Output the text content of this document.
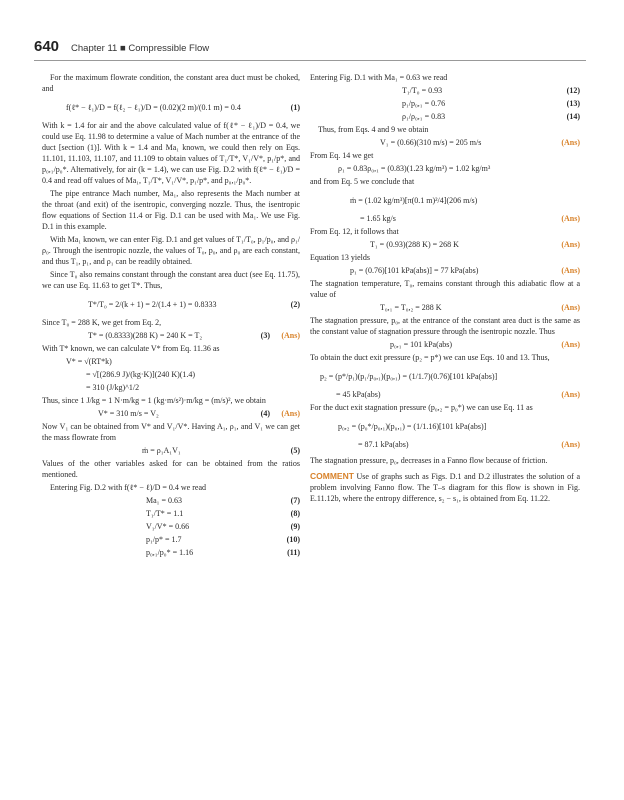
640 Chapter 11 ■ Compressible Flow

For the maximum flowrate condition, the constant area duct must be choked, and

f(ℓ* − ℓ₁)/D = f(ℓ₂ − ℓ₁)/D = (0.02)(2 m)/(0.1 m) = 0.4	(1)

With k = 1.4 for air and the above calculated value of f(ℓ* − ℓ₁)/D = 0.4, we could use Eq. 11.98 to determine a value of Mach number at the entrance of the duct [section (1)]. With k = 1.4 and Ma₁ known, we could then rely on Eqs. 11.101, 11.103, 11.107, and 11.109 to obtain values of T₁/T*, V₁/V*, p₁/p*, and p₀,₁/p₀*. Alternatively, for air (k = 1.4), we can use Fig. D.2 with f(ℓ* − ℓ₁)/D = 0.4 and read off values of Ma₁, T₁/T*, V₁/V*, p₁/p*, and p₀,₁/p₀*.

The pipe entrance Mach number, Ma₁, also represents the Mach number at the throat (and exit) of the isentropic, converging nozzle. Thus, the isentropic flow equations of Section 11.4 or Fig. D.1 can be used with Ma₁. We use Fig. D.1 in this example.

With Ma₁ known, we can enter Fig. D.1 and get values of T₁/T₀, p₁/p₀, and ρ₁/ρ₀. Through the isentropic nozzle, the values of T₀, p₀, and ρ₀ are each constant, and thus T₁, p₁, and ρ₁ can be readily obtained.

Since T₀ also remains constant through the constant area duct (see Eq. 11.75), we can use Eq. 11.63 to get T*. Thus,

T*/T₀ = 2/(k + 1) = 2/(1.4 + 1) = 0.8333	(2)

Since T₀ = 288 K, we get from Eq. 2,

T* = (0.8333)(288 K) = 240 K = T₂	(3) (Ans)

With T* known, we can calculate V* from Eq. 11.36 as

V* = √(RT*k)
= √[(286.9 J)/(kg·K)](240 K)(1.4)
= 310 (J/kg)^1/2

Thus, since 1 J/kg = 1 N·m/kg = 1 (kg·m/s²)·m/kg = (m/s)², we obtain

V* = 310 m/s = V₂	(4) (Ans)

Now V₁ can be obtained from V* and V₁/V*. Having A₁, ρ₁, and V₁ we can get the mass flowrate from

ṁ = ρ₁A₁V₁	(5)

Values of the other variables asked for can be obtained from the ratios mentioned.

Entering Fig. D.2 with f(ℓ* − ℓ)/D = 0.4 we read

Ma₁ = 0.63	(7)
T₁/T* = 1.1	(8)
V₁/V* = 0.66	(9)
p₁/p* = 1.7	(10)
p₀,₁/p₀* = 1.16	(11)

Entering Fig. D.1 with Ma₁ = 0.63 we read

T₁/T₀ = 0.93	(12)
p₁/p₀,₁ = 0.76	(13)
ρ₁/ρ₀,₁ = 0.83	(14)

Thus, from Eqs. 4 and 9 we obtain

V₁ = (0.66)(310 m/s) = 205 m/s	(Ans)

From Eq. 14 we get

ρ₁ = 0.83ρ₀,₁ = (0.83)(1.23 kg/m³) = 1.02 kg/m³

and from Eq. 5 we conclude that

ṁ = (1.02 kg/m³)[π(0.1 m)²/4](206 m/s)
= 1.65 kg/s	(Ans)

From Eq. 12, it follows that

T₁ = (0.93)(288 K) = 268 K	(Ans)

Equation 13 yields

p₁ = (0.76)[101 kPa(abs)] = 77 kPa(abs)	(Ans)

The stagnation temperature, T₀, remains constant through this adiabatic flow at a value of

T₀,₁ = T₀,₂ = 288 K	(Ans)

The stagnation pressure, p₀, at the entrance of the constant area duct is the same as the constant value of stagnation pressure through the isentropic nozzle. Thus

p₀,₁ = 101 kPa(abs)	(Ans)

To obtain the duct exit pressure (p₂ = p*) we can use Eqs. 10 and 13. Thus,

p₂ = (p*/p₁)(p₁/p₀,₁)(p₀,₁) = (1/1.7)(0.76)[101 kPa(abs)]
= 45 kPa(abs)	(Ans)

For the duct exit stagnation pressure (p₀,₂ = p₀*) we can use Eq. 11 as

p₀,₂ = (p₀*/p₀,₁)(p₀,₁) = (1/1.16)[101 kPa(abs)]
= 87.1 kPa(abs)	(Ans)

The stagnation pressure, p₀, decreases in a Fanno flow because of friction.

COMMENT Use of graphs such as Figs. D.1 and D.2 illustrates the solution of a problem involving Fanno flow. The T–s diagram for this flow is shown in Fig. E.11.12b, where the entropy difference, s₂ − s₁, is obtained from Eq. 11.22.
